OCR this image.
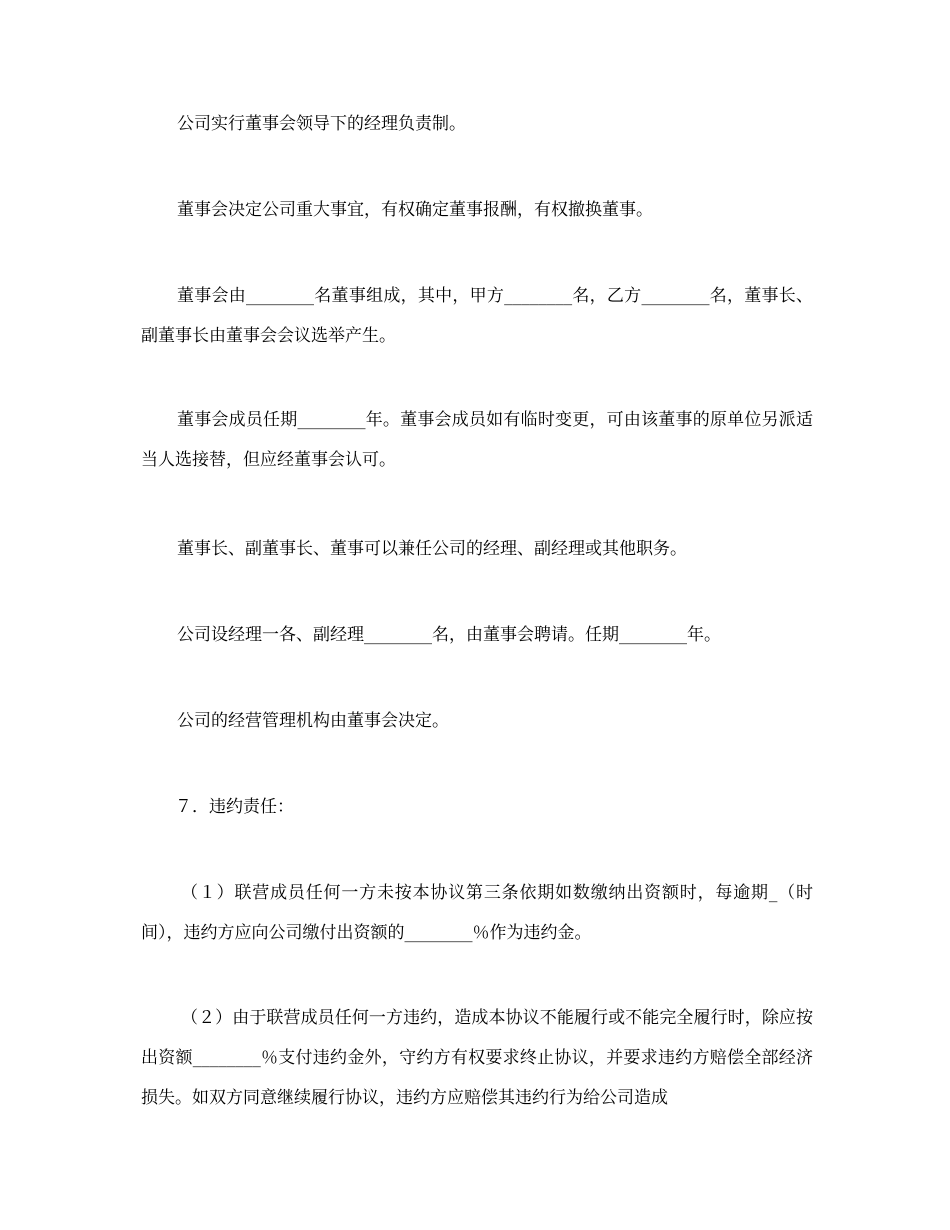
公司实行董事会领导下的经理负责制。

董事会决定公司重大事宜，有权确定董事报酬，有权撤换董事。

董事会由________名董事组成，其中，甲方________名，乙方________名，董事长、副董事长由董事会会议选举产生。

董事会成员任期________年。董事会成员如有临时变更，可由该董事的原单位另派适当人选接替，但应经董事会认可。

董事长、副董事长、董事可以兼任公司的经理、副经理或其他职务。

公司设经理一各、副经理________名，由董事会聘请。任期________年。

公司的经营管理机构由董事会决定。

７．违约责任：

（１）联营成员任何一方未按本协议第三条依期如数缴纳出资额时，每逾期_（时间），违约方应向公司缴付出资额的________％作为违约金。

（２）由于联营成员任何一方违约，造成本协议不能履行或不能完全履行时，除应按出资额________％支付违约金外，守约方有权要求终止协议，并要求违约方赔偿全部经济损失。如双方同意继续履行协议，违约方应赔偿其违约行为给公司造成
